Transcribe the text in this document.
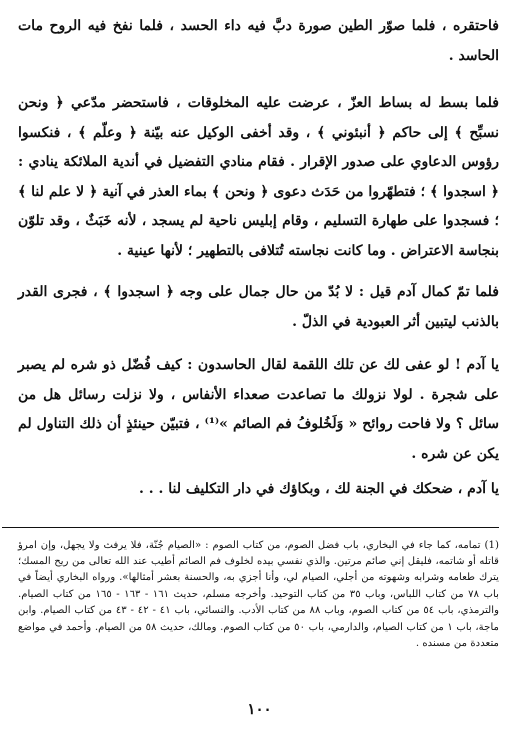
فاحتقره ، فلما صوّر الطين صورة دبَّ فيه داء الحسد ، فلما نفخ فيه الروح مات الحاسد .

فلما بسط له بساط العزّ ، عرضت عليه المخلوقات ، فاستحضر مدّعي ﴿ ونحن نسبِّح ﴾ إلى حاكم ﴿ أنبئوني ﴾ ، وقد أخفى الوكيل عنه بيّنة ﴿ وعلّم ﴾ ، فنكسوا رؤوس الدعاوي على صدور الإقرار . فقام منادي التفضيل في أندية الملائكة ينادي : ﴿ اسجدوا ﴾ ؛ فتطهّروا من حَدَث دعوى ﴿ ونحن ﴾ بماء العذر في آنية ﴿ لا علم لنا ﴾ ؛ فسجدوا على طهارة التسليم ، وقام إبليس ناحية لم يسجد ، لأنه خَبَثٌ ، وقد تلوّن بنجاسة الاعتراض . وما كانت نجاسته تُتلافى بالتطهير ؛ لأنها عينية .

فلما تمّ كمال آدم قيل : لا بُدّ من حال جمال على وجه ﴿ اسجدوا ﴾ ، فجرى القدر بالذنب ليتبين أثر العبودية في الذلّ .

يا آدم ! لو عفى لك عن تلك اللقمة لقال الحاسدون : كيف فُضّل ذو شره لم يصبر على شجرة . لولا نزولك ما تصاعدت صعداء الأنفاس ، ولا نزلت رسائل هل من سائل ؟ ولا فاحت روائح « وَلَخُلوفُ فم الصائم »⁽¹⁾ ، فتبيّن حينئذٍ أن ذلك التناول لم يكن عن شره .

يا آدم ، ضحكك في الجنة لك ، وبكاؤك في دار التكليف لنا . . .

(1) تمامه، كما جاء في البخاري، باب فضل الصوم، من كتاب الصوم : «الصيام جُنّة، فلا يرفث ولا يجهل، وإن امرؤ قاتله أو شاتمه، فليقل إني صائم مرتين. والذي نفسي بيده لخلوف فم الصائم أطيب عند الله تعالى من ريح المسك؛ يترك طعامه وشرابه وشهوته من أجلي، الصيام لي، وأنا أجزي به، والحسنة بعشر أمثالها». ورواه البخاري أيضاً في باب ٧٨ من كتاب اللباس، وباب ٣٥ من كتاب التوحيد. وأخرجه مسلم، حديث ١٦١ - ١٦٣ - ١٦٥ من كتاب الصيام. والترمذي، باب ٥٤ من كتاب الصوم، وباب ٨٨ من كتاب الأدب. والنسائي، باب ٤١ - ٤٢ - ٤٣ من كتاب الصيام. وابن ماجة، باب ١ من كتاب الصيام، والدارمي، باب ٥٠ من كتاب الصوم. ومالك، حديث ٥٨ من الصيام. وأحمد في مواضع متعددة من مسنده .

١٠٠
